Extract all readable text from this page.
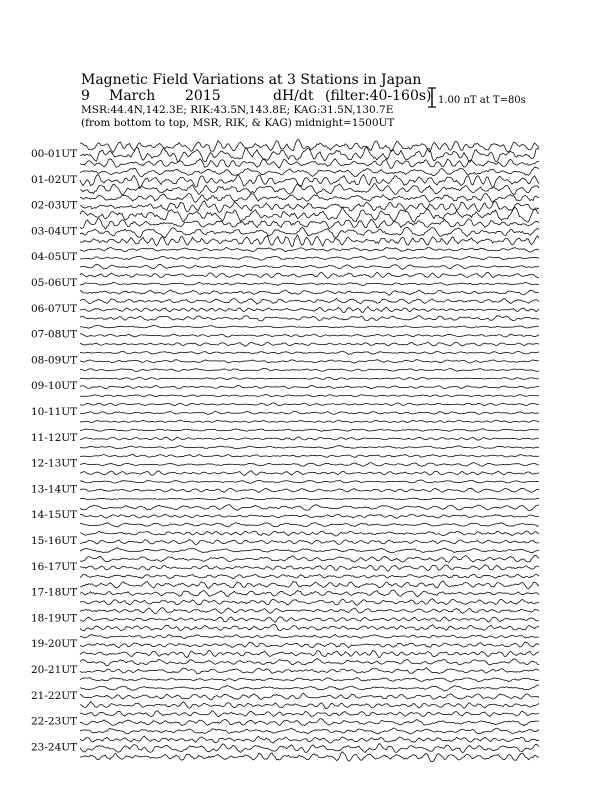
Magnetic Field Variations at 3 Stations in Japan
9 March 2015	dH/dt (filter:40-160s)
MSR:44.4N,142.3E; RIK:43.5N,143.8E; KAG:31.5N,130.7E
(from bottom to top, MSR, RIK, & KAG) midnight=1500UT
1.00 nT at T=80s
00-01UT
01-02UT
02-03UT
03-04UT
04-05UT
05-06UT
06-07UT
07-08UT
08-09UT
09-10UT
10-11UT
11-12UT
12-13UT
13-14UT
14-15UT
15-16UT
16-17UT
17-18UT
18-19UT
19-20UT
20-21UT
21-22UT
22-23UT
23-24UT
